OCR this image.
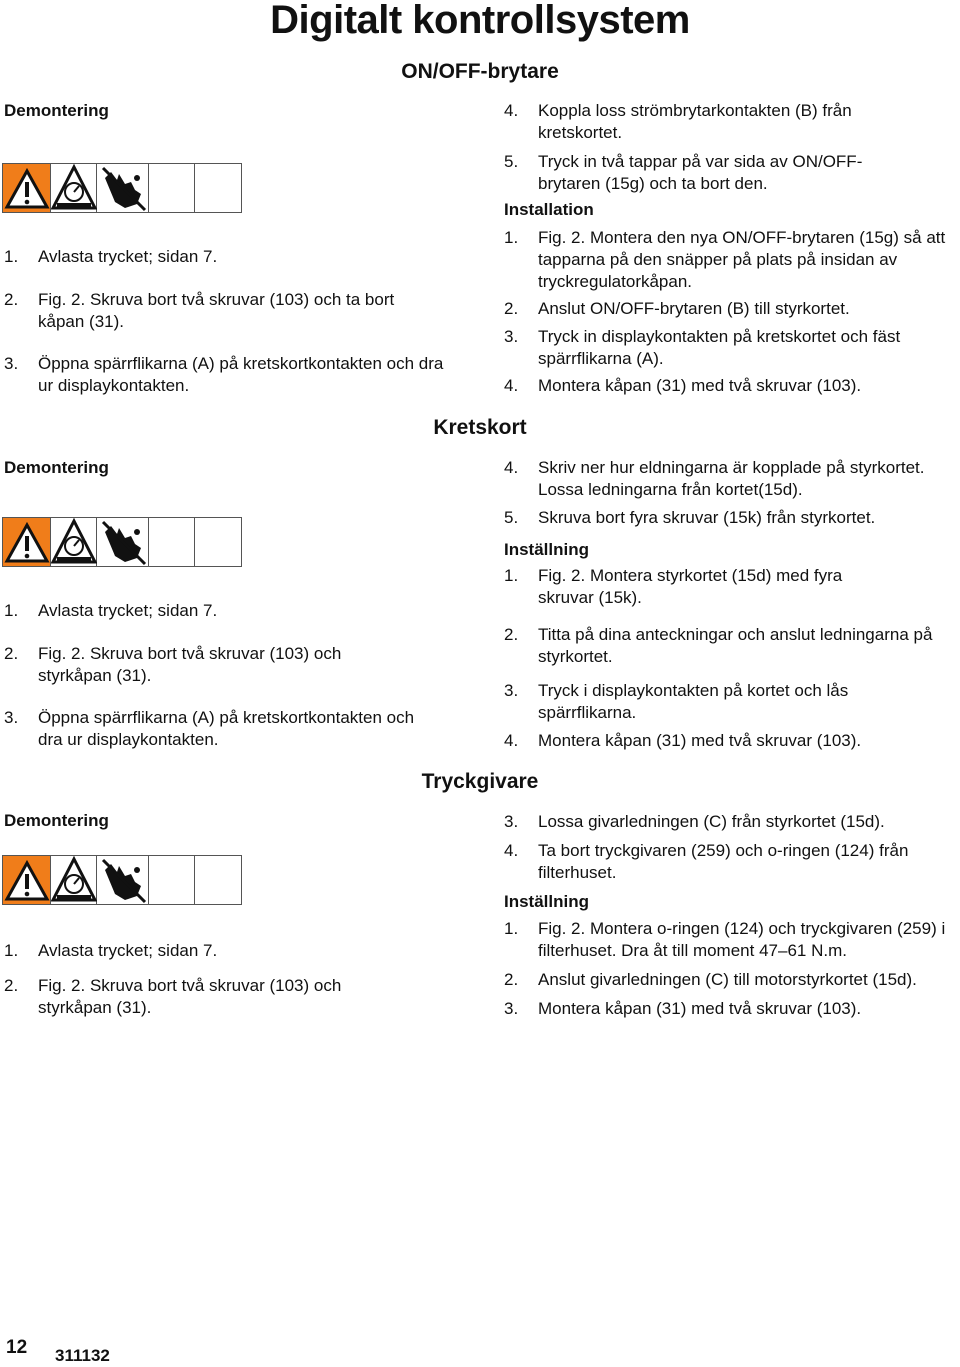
Digitalt kontrollsystem
ON/OFF-brytare
Demontering
1. Avlasta trycket; sidan 7.
2. Fig. 2. Skruva bort två skruvar (103) och ta bort kåpan (31).
3. Öppna spärrflikarna (A) på kretskortkontakten och dra ur displaykontakten.
4. Koppla loss strömbrytarkontakten (B) från kretskortet.
5. Tryck in två tappar på var sida av ON/OFF-brytaren (15g) och ta bort den.
Installation
1. Fig. 2. Montera den nya ON/OFF-brytaren (15g) så att tapparna på den snäpper på plats på insidan av tryckregulatorkåpan.
2. Anslut ON/OFF-brytaren (B) till styrkortet.
3. Tryck in displaykontakten på kretskortet och fäst spärrflikarna (A).
4. Montera kåpan (31) med två skruvar (103).
Kretskort
Demontering
1. Avlasta trycket; sidan 7.
2. Fig. 2. Skruva bort två skruvar (103) och styrkåpan (31).
3. Öppna spärrflikarna (A) på kretskortkontakten och dra ur displaykontakten.
4. Skriv ner hur eldningarna är kopplade på styrkortet. Lossa ledningarna från kortet(15d).
5. Skruva bort fyra skruvar (15k) från styrkortet.
Inställning
1. Fig. 2. Montera styrkortet (15d) med fyra skruvar (15k).
2. Titta på dina anteckningar och anslut ledningarna på styrkortet.
3. Tryck i displaykontakten på kortet och lås spärrflikarna.
4. Montera kåpan (31) med två skruvar (103).
Tryckgivare
Demontering
1. Avlasta trycket; sidan 7.
2. Fig. 2. Skruva bort två skruvar (103) och styrkåpan (31).
3. Lossa givarledningen (C) från styrkortet (15d).
4. Ta bort tryckgivaren (259) och o-ringen (124) från filterhuset.
Inställning
1. Fig. 2. Montera o-ringen (124) och tryckgivaren (259) i filterhuset. Dra åt till moment 47–61 N.m.
2. Anslut givarledningen (C) till motorstyrkortet (15d).
3. Montera kåpan (31) med två skruvar (103).
12 311132
